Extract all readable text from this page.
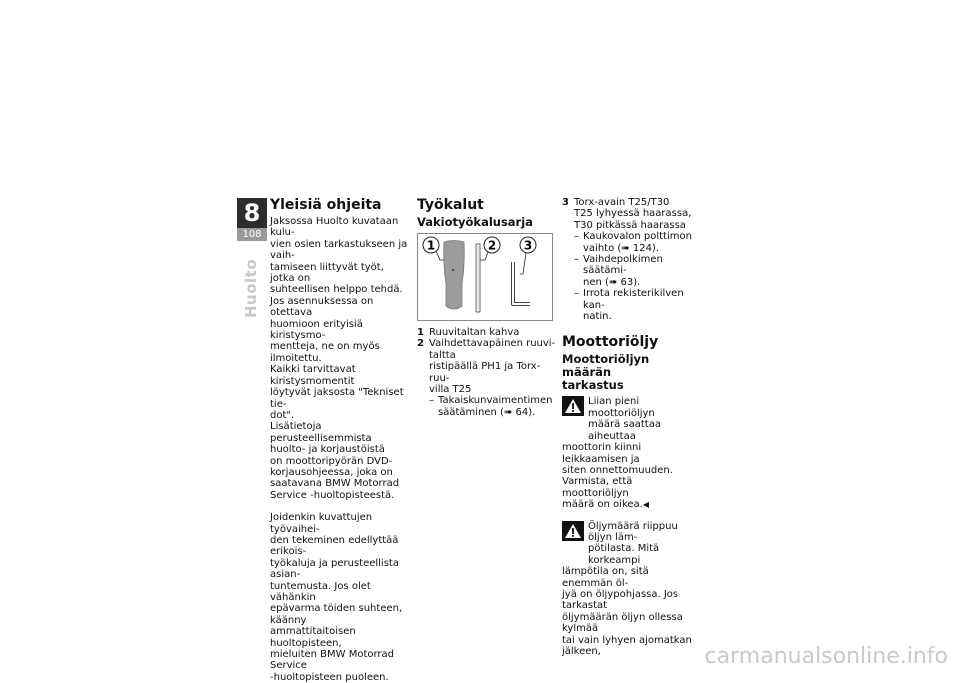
8
108
Huolto
Yleisiä ohjeita

Jaksossa Huolto kuvataan kulu-
vien osien tarkastukseen ja vaih-
tamiseen liittyvät työt, jotka on
suhteellisen helppo tehdä.
Jos asennuksessa on otettava
huomioon erityisiä kiristysmo-
mentteja, ne on myös ilmoitettu.
Kaikki tarvittavat kiristysmomentit
löytyvät jaksosta "Tekniset tie-
dot".

Lisätietoja perusteellisemmista
huolto- ja korjaustöistä
on moottoripyörän DVD-
korjausohjeessa, joka on
saatavana BMW Motorrad
Service -huoltopisteestä.

Joidenkin kuvattujen työvaihei-
den tekeminen edellyttää erikois-
työkaluja ja perusteellista asian-
tuntemusta. Jos olet vähänkin
epävarma töiden suhteen, käänny
ammattitaitoisen huoltopisteen,
mieluiten BMW Motorrad Service
-huoltopisteen puoleen.

Työkalut
Vakiotyökalusarja
1	2 3
1 Ruuvitaltan kahva
2 Vaihdettavapäinen ruuvi-
taltta
ristipäällä PH1 ja Torx-ruu-
villa T25
– Takaiskunvaimentimen
säätäminen (➠ 64).
3 Torx-avain T25/T30
T25 lyhyessä haarassa,
T30 pitkässä haarassa
– Kaukovalon polttimon
vaihto (➠ 124).
– Vaihdepolkimen säätämi-
nen (➠ 63).
– Irrota rekisterikilven kan-
natin.
Moottoriöljy
Moottoriöljyn määrän
tarkastus

Liian pieni moottoriöljyn
määrä saattaa aiheuttaa

moottorin kiinni leikkaamisen ja
siten onnettomuuden.
Varmista, että moottoriöljyn
määrä on oikea.◀

Öljymäärä riippuu öljyn läm-
pötilasta. Mitä korkeampi

lämpötila on, sitä enemmän öl-
jyä on öljypohjassa. Jos tarkastat
öljymäärän öljyn ollessa kylmää
tai vain lyhyen ajomatkan jälkeen,	carmanualsonline.info
